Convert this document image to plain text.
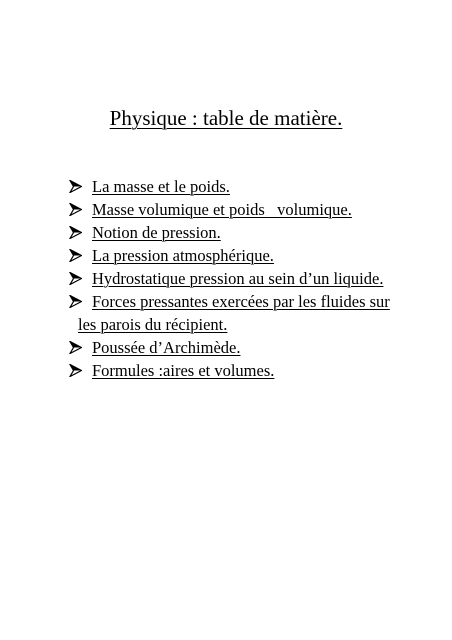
Physique : table de matière.
La masse et le poids.
Masse volumique et poids   volumique.
Notion de pression.
La pression atmosphérique.
Hydrostatique pression au sein d’un liquide.
Forces pressantes exercées par les fluides sur
les parois du récipient.
Poussée d’Archimède.
Formules :aires et volumes.
